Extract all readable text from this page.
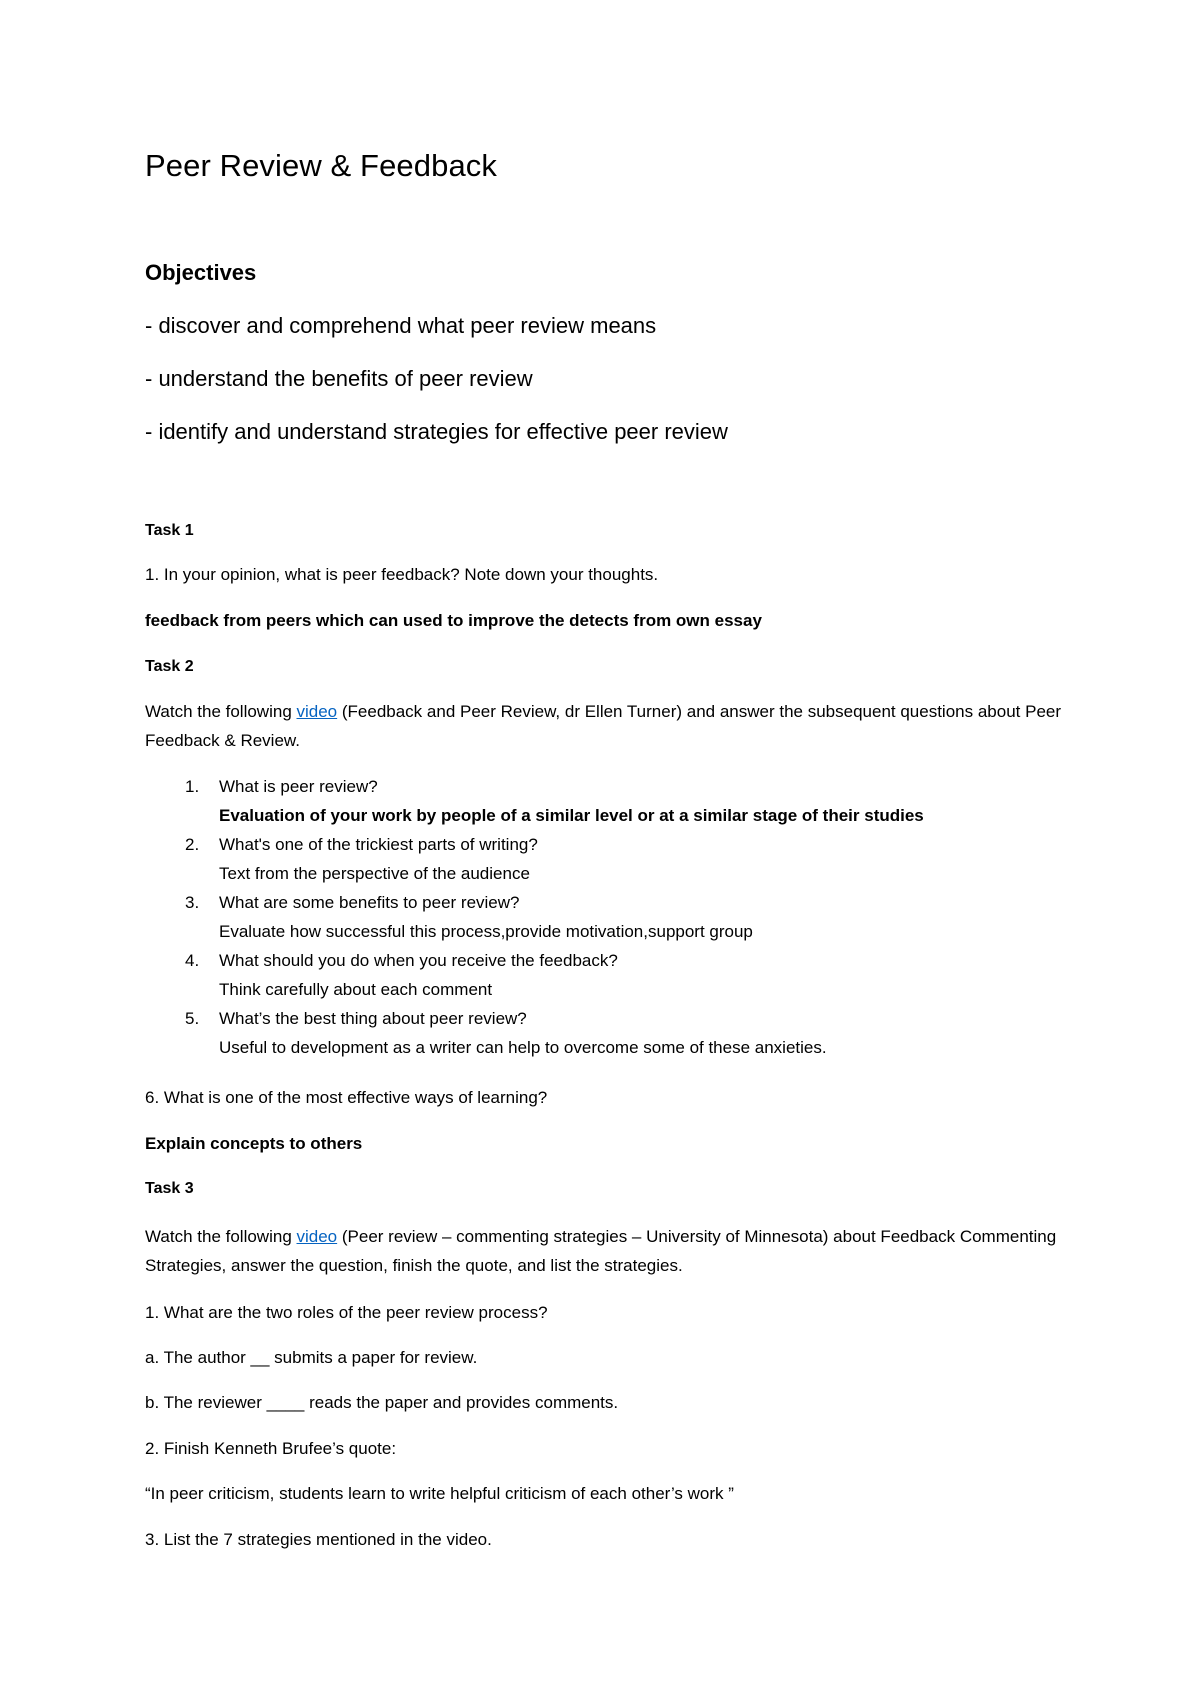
Peer Review & Feedback
Objectives
- discover and comprehend what peer review means
- understand the benefits of peer review
- identify and understand strategies for effective peer review
Task 1
1. In your opinion, what is peer feedback? Note down your thoughts.
feedback from peers which can used to improve the detects from own essay
Task 2
Watch the following video (Feedback and Peer Review, dr Ellen Turner) and answer the subsequent questions about Peer Feedback & Review.
1. What is peer review?
Evaluation of your work by people of a similar level or at a similar stage of their studies
2. What's one of the trickiest parts of writing?
Text from the perspective of the audience
3. What are some benefits to peer review?
Evaluate how successful this process,provide motivation,support group
4. What should you do when you receive the feedback?
Think carefully about each comment
5. What’s the best thing about peer review?
Useful to development as a writer can help to overcome some of these anxieties.
6. What is one of the most effective ways of learning?
Explain concepts to others
Task 3
Watch the following video (Peer review – commenting strategies – University of Minnesota) about Feedback Commenting Strategies, answer the question, finish the quote, and list the strategies.
1. What are the two roles of the peer review process?
a. The author __ submits a paper for review.
b. The reviewer ____ reads the paper and provides comments.
2. Finish Kenneth Brufee’s quote:
“In peer criticism, students learn to write helpful criticism of each other’s work ”
3. List the 7 strategies mentioned in the video.
